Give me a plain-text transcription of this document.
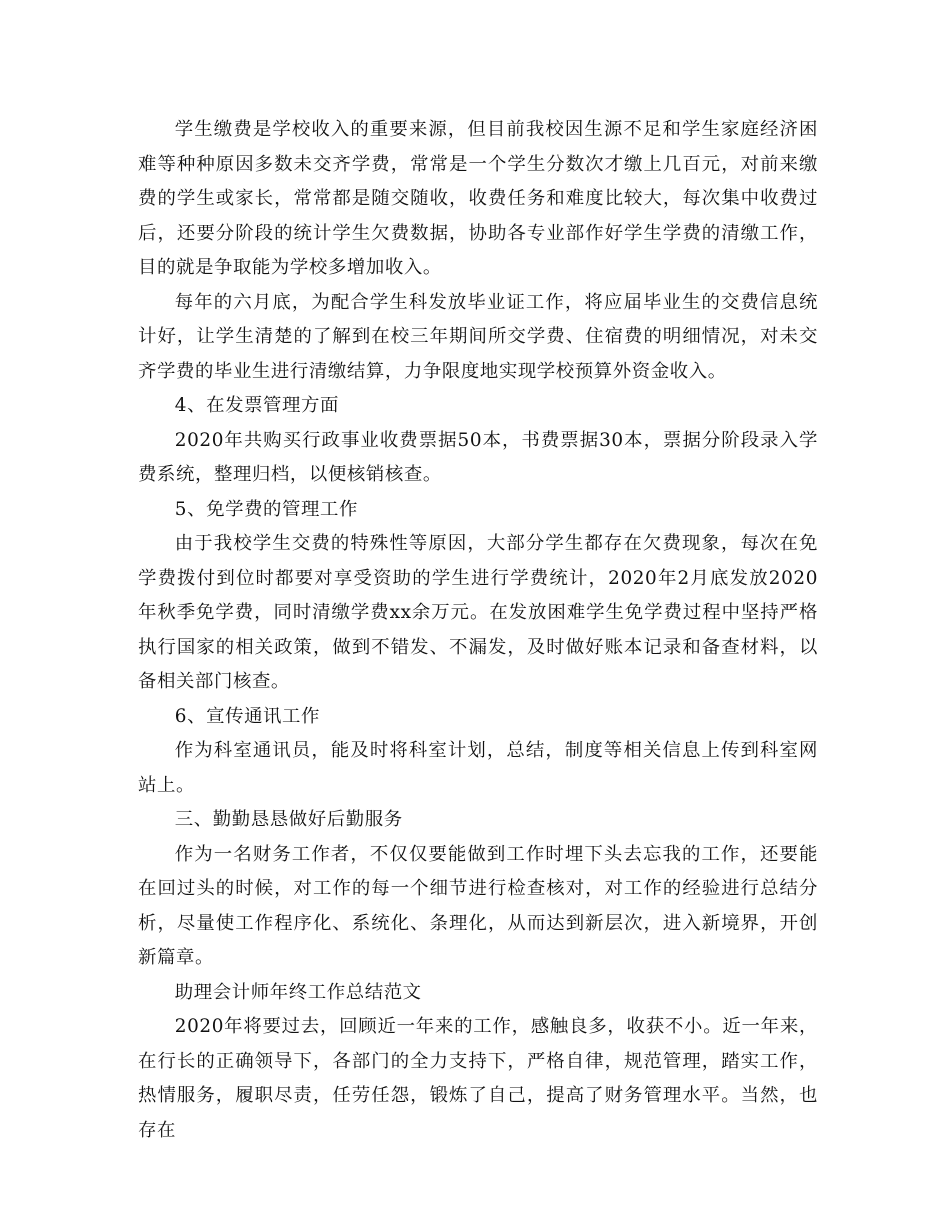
学生缴费是学校收入的重要来源，但目前我校因生源不足和学生家庭经济困难等种种原因多数未交齐学费，常常是一个学生分数次才缴上几百元，对前来缴费的学生或家长，常常都是随交随收，收费任务和难度比较大，每次集中收费过后，还要分阶段的统计学生欠费数据，协助各专业部作好学生学费的清缴工作，目的就是争取能为学校多增加收入。

每年的六月底，为配合学生科发放毕业证工作，将应届毕业生的交费信息统计好，让学生清楚的了解到在校三年期间所交学费、住宿费的明细情况，对未交齐学费的毕业生进行清缴结算，力争限度地实现学校预算外资金收入。

4、在发票管理方面

2020年共购买行政事业收费票据50本，书费票据30本，票据分阶段录入学费系统，整理归档，以便核销核查。

5、免学费的管理工作

由于我校学生交费的特殊性等原因，大部分学生都存在欠费现象，每次在免学费拨付到位时都要对享受资助的学生进行学费统计，2020年2月底发放2020年秋季免学费，同时清缴学费xx余万元。在发放困难学生免学费过程中坚持严格执行国家的相关政策，做到不错发、不漏发，及时做好账本记录和备查材料，以备相关部门核查。

6、宣传通讯工作

作为科室通讯员，能及时将科室计划，总结，制度等相关信息上传到科室网站上。

三、勤勤恳恳做好后勤服务

作为一名财务工作者，不仅仅要能做到工作时埋下头去忘我的工作，还要能在回过头的时候，对工作的每一个细节进行检查核对，对工作的经验进行总结分析，尽量使工作程序化、系统化、条理化，从而达到新层次，进入新境界，开创新篇章。

助理会计师年终工作总结范文

2020年将要过去，回顾近一年来的工作，感触良多，收获不小。近一年来，在行长的正确领导下，各部门的全力支持下，严格自律，规范管理，踏实工作，热情服务，履职尽责，任劳任怨，锻炼了自己，提高了财务管理水平。当然，也存在
